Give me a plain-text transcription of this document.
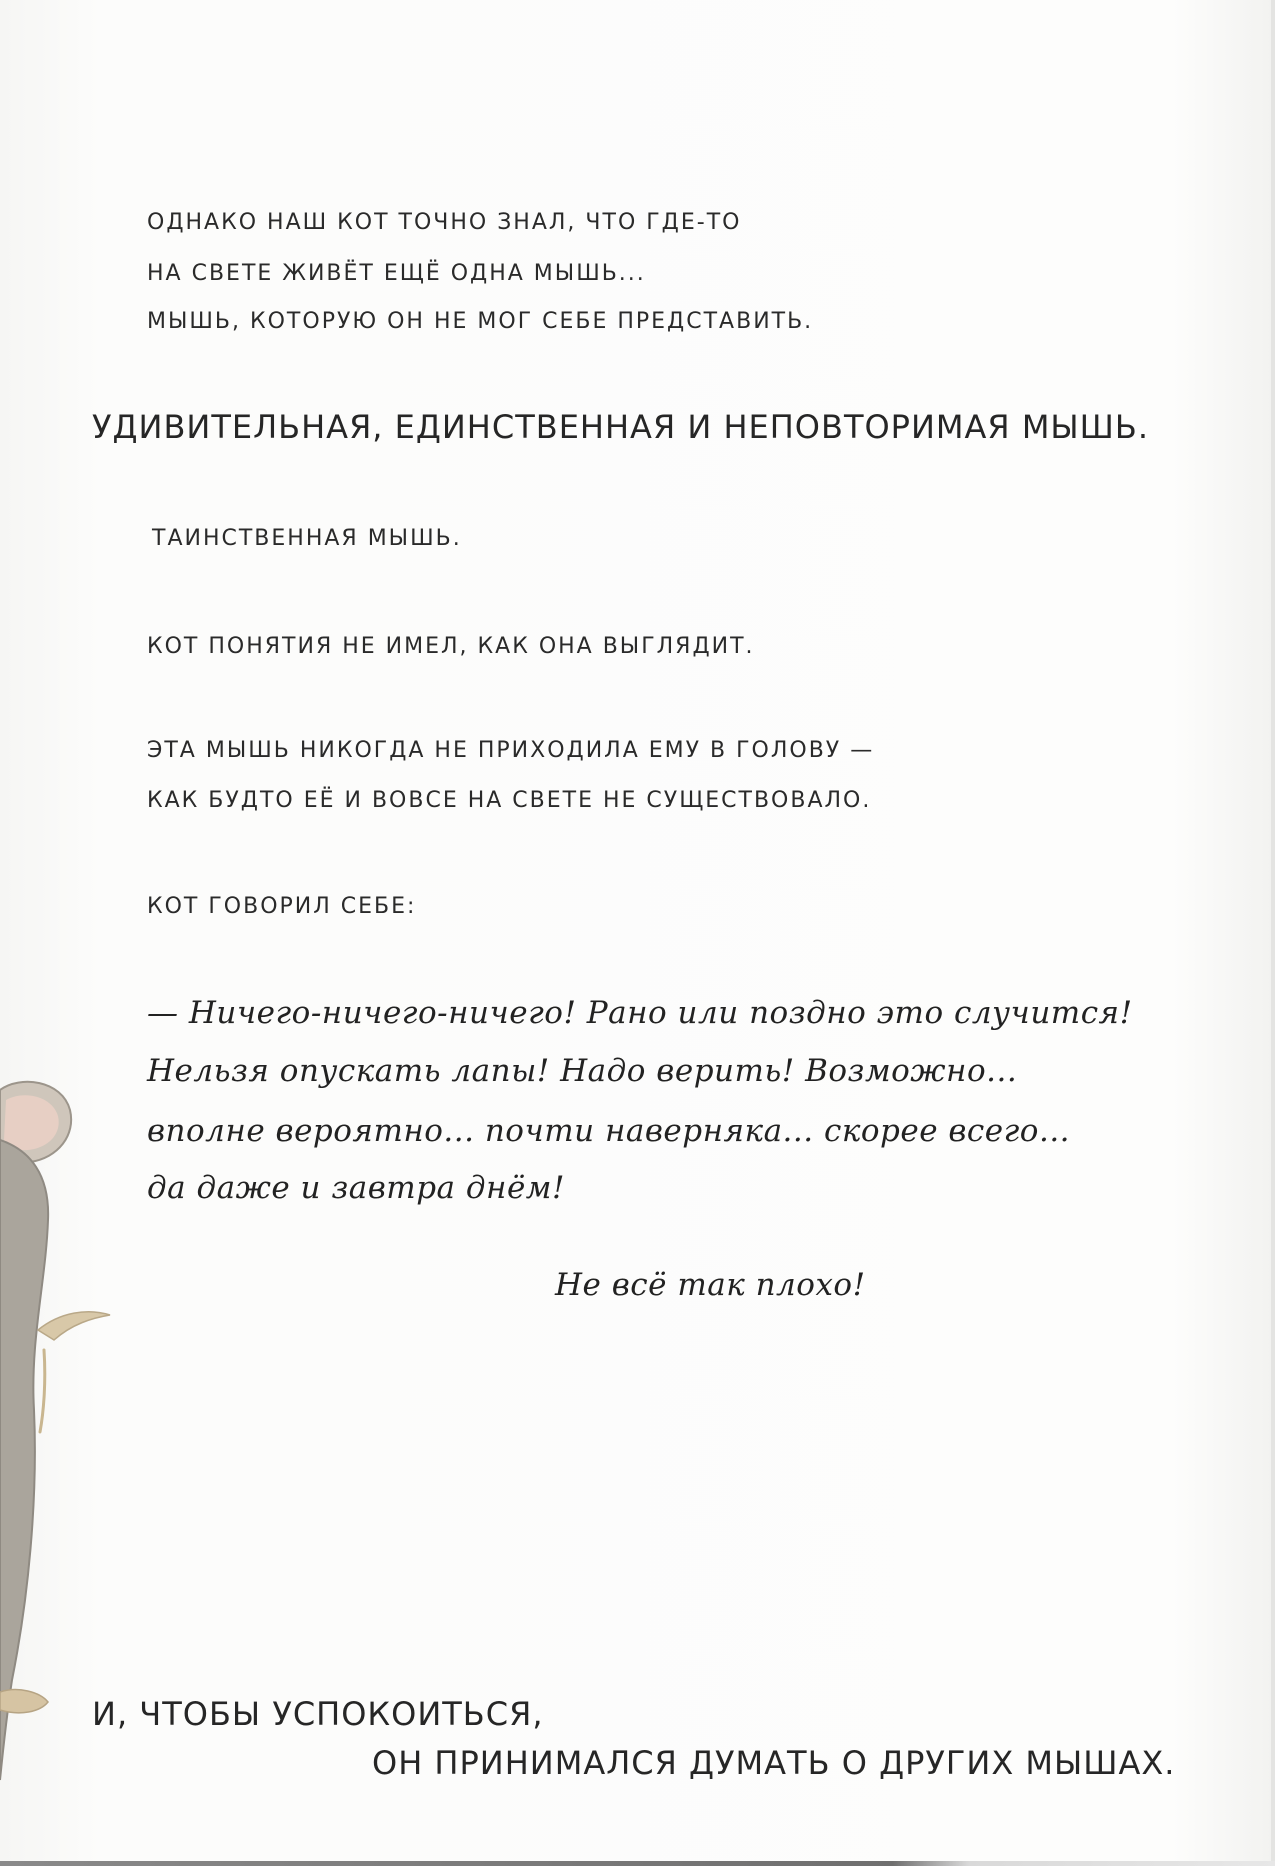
ОДНАКО НАШ КОТ ТОЧНО ЗНАЛ, ЧТО ГДЕ-ТО
НА СВЕТЕ ЖИВЁТ ЕЩЁ ОДНА МЫШЬ...
МЫШЬ, КОТОРУЮ ОН НЕ МОГ СЕБЕ ПРЕДСТАВИТЬ.
УДИВИТЕЛЬНАЯ, ЕДИНСТВЕННАЯ И НЕПОВТОРИМАЯ МЫШЬ.
ТАИНСТВЕННАЯ МЫШЬ.
КОТ ПОНЯТИЯ НЕ ИМЕЛ, КАК ОНА ВЫГЛЯДИТ.
ЭТА МЫШЬ НИКОГДА НЕ ПРИХОДИЛА ЕМУ В ГОЛОВУ —
КАК БУДТО ЕЁ И ВОВСЕ НА СВЕТЕ НЕ СУЩЕСТВОВАЛО.
КОТ ГОВОРИЛ СЕБЕ:
— Ничего-ничего-ничего! Рано или поздно это случится!
Нельзя опускать лапы! Надо верить! Возможно...
вполне вероятно... почти наверняка... скорее всего...
да даже и завтра днём!
Не всё так плохо!
И, ЧТОБЫ УСПОКОИТЬСЯ,
ОН ПРИНИМАЛСЯ ДУМАТЬ О ДРУГИХ МЫШАХ.
